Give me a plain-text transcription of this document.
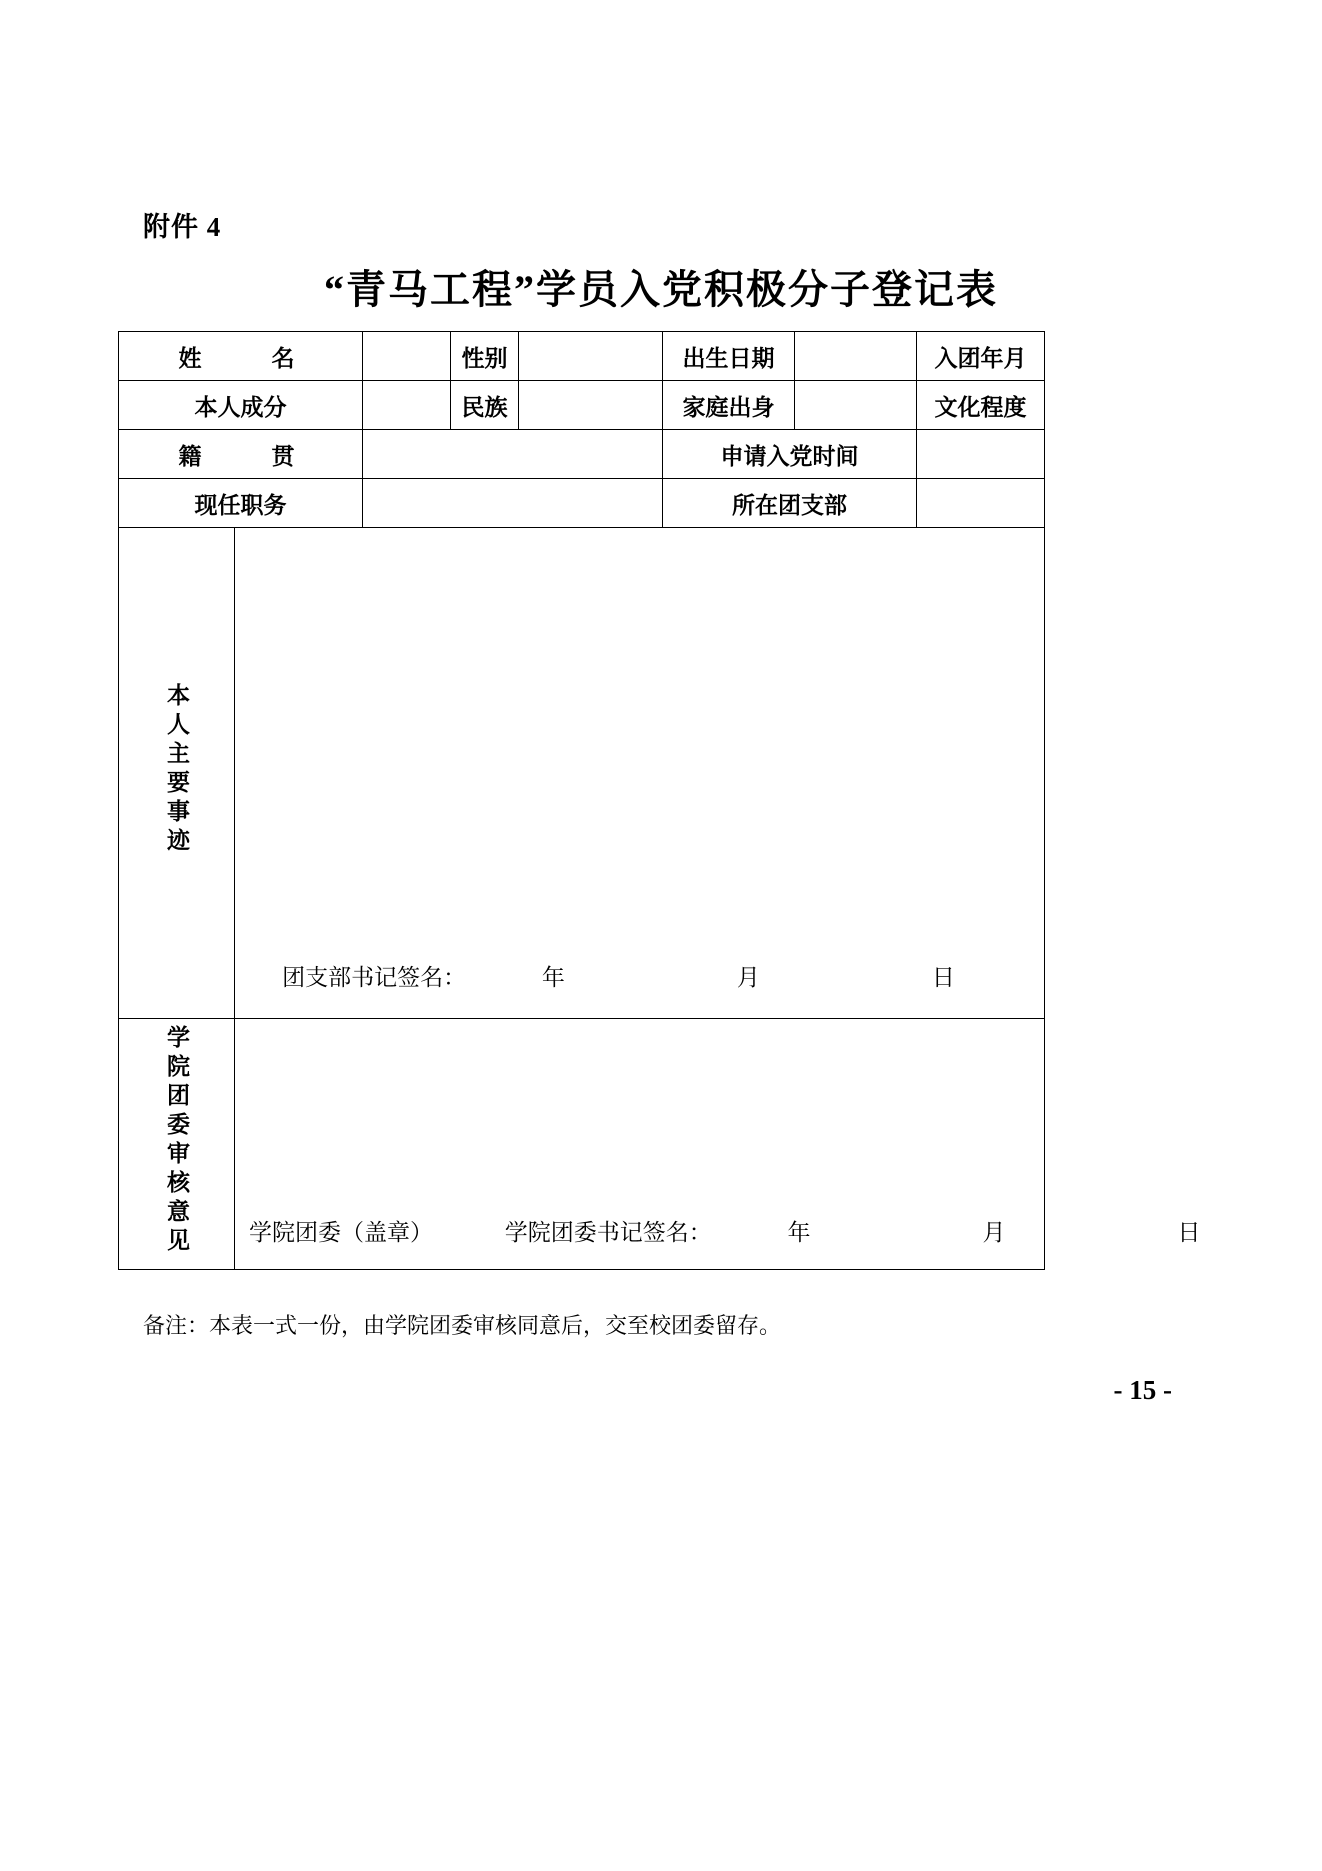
附件 4
“青马工程”学员入党积极分子登记表
姓　　名			性别		出生日期		入团年月	
本人成分			民族		家庭出身		文化程度	
籍　　贯					申请入党时间			
现任职务					所在团支部			
本人主要事迹	团支部书记签名： 年　　月　　日							

学院团委审核意见	学院团委（盖章） 学院团委书记签名： 年　　月　　日							
备注：本表一式一份，由学院团委审核同意后，交至校团委留存。
- 15 -
